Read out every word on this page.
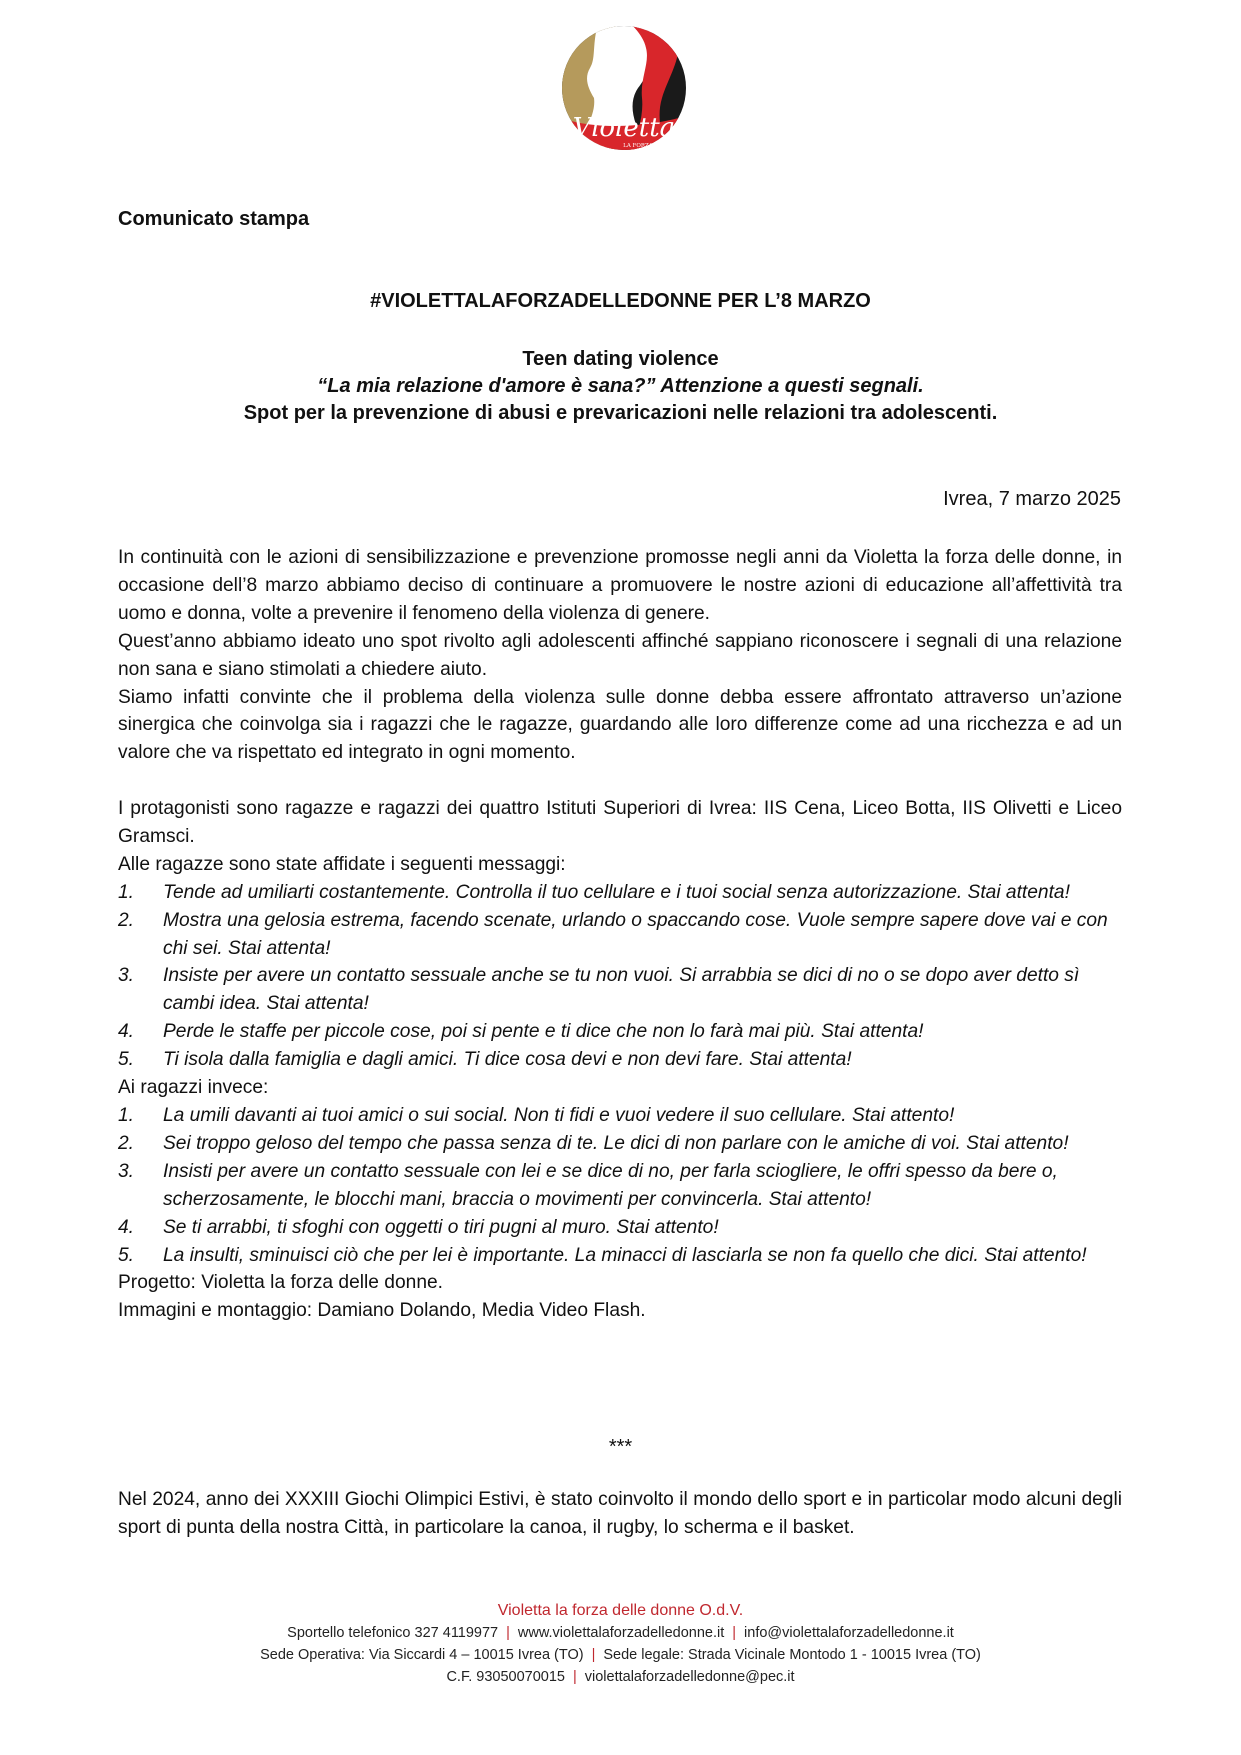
Violetta
LA FORZA
DELLE DONNE
Comunicato stampa
#VIOLETTALAFORZADELLEDONNE PER L’8 MARZO
Teen dating violence
“La mia relazione d'amore è sana?” Attenzione a questi segnali.
Spot per la prevenzione di abusi e prevaricazioni nelle relazioni tra adolescenti.
Ivrea, 7 marzo 2025

In continuità con le azioni di sensibilizzazione e prevenzione promosse negli anni da Violetta la forza delle donne, in occasione dell’8 marzo abbiamo deciso di continuare a promuovere le nostre azioni di educazione all’affettività tra uomo e donna, volte a prevenire il fenomeno della violenza di genere.

Quest’anno abbiamo ideato uno spot rivolto agli adolescenti affinché sappiano riconoscere i segnali di una relazione non sana e siano stimolati a chiedere aiuto.

Siamo infatti convinte che il problema della violenza sulle donne debba essere affrontato attraverso un’azione sinergica che coinvolga sia i ragazzi che le ragazze, guardando alle loro differenze come ad una ricchezza e ad un valore che va rispettato ed integrato in ogni momento.

I protagonisti sono ragazze e ragazzi dei quattro Istituti Superiori di Ivrea: IIS Cena, Liceo Botta, IIS Olivetti e Liceo Gramsci.

Alle ragazze sono state affidate i seguenti messaggi:

1. Tende ad umiliarti costantemente. Controlla il tuo cellulare e i tuoi social senza autorizzazione. Stai attenta!
2. Mostra una gelosia estrema, facendo scenate, urlando o spaccando cose. Vuole sempre sapere dove vai e con chi sei. Stai attenta!
3. Insiste per avere un contatto sessuale anche se tu non vuoi. Si arrabbia se dici di no o se dopo aver detto sì cambi idea. Stai attenta!
4. Perde le staffe per piccole cose, poi si pente e ti dice che non lo farà mai più. Stai attenta!
5. Ti isola dalla famiglia e dagli amici. Ti dice cosa devi e non devi fare. Stai attenta!

Ai ragazzi invece:

1. La umili davanti ai tuoi amici o sui social. Non ti fidi e vuoi vedere il suo cellulare. Stai attento!
2. Sei troppo geloso del tempo che passa senza di te. Le dici di non parlare con le amiche di voi. Stai attento!
3. Insisti per avere un contatto sessuale con lei e se dice di no, per farla sciogliere, le offri spesso da bere o, scherzosamente, le blocchi mani, braccia o movimenti per convincerla. Stai attento!
4. Se ti arrabbi, ti sfoghi con oggetti o tiri pugni al muro. Stai attento!
5. La insulti, sminuisci ciò che per lei è importante. La minacci di lasciarla se non fa quello che dici. Stai attento!

Progetto: Violetta la forza delle donne.

Immagini e montaggio: Damiano Dolando, Media Video Flash.

***
Nel 2024, anno dei XXXIII Giochi Olimpici Estivi, è stato coinvolto il mondo dello sport e in particolar modo alcuni degli sport di punta della nostra Città, in particolare la canoa, il rugby, lo scherma e il basket.
Violetta la forza delle donne O.d.V.
Sportello telefonico 327 4119977 | www.violettalaforzadelledonne.it | info@violettalaforzadelledonne.it
Sede Operativa: Via Siccardi 4 – 10015 Ivrea (TO) | Sede legale: Strada Vicinale Montodo 1 - 10015 Ivrea (TO)
C.F. 93050070015 | violettalaforzadelledonne@pec.it
